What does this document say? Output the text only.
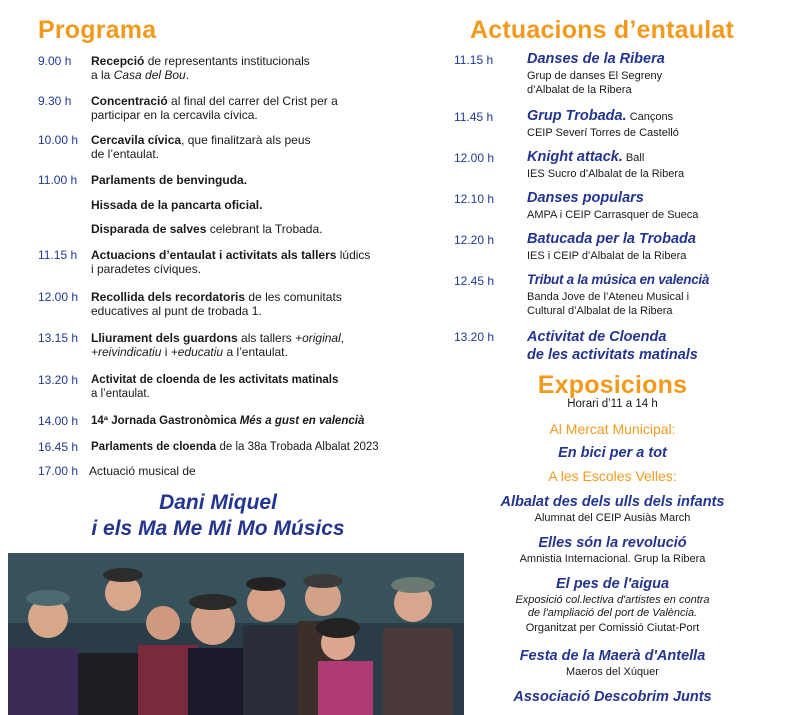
Programa
9.00 h Recepció de representants institucionals
a la Casa del Bou.
9.30 h Concentració al final del carrer del Crist per a
participar en la cercavila cívica.
10.00 h Cercavila cívica, que finalitzarà als peus
de l’entaulat.
11.00 h Parlaments de benvinguda.
Hissada de la pancarta oficial.
Disparada de salves celebrant la Trobada.
11.15 h Actuacions d’entaulat i activitats als tallers lúdics
i paradetes cíviques.
12.00 h Recollida dels recordatoris de les comunitats
educatives al punt de trobada 1.
13.15 h Lliurament dels guardons als tallers +original,
+reivindicatiu i +educatiu a l’entaulat.
13.20 h Activitat de cloenda de les activitats matinals
a l’entaulat.
14.00 h 14ª Jornada Gastronòmica Més a gust en valencià
16.45 h Parlaments de cloenda de la 38a Trobada Albalat 2023
17.00 h Actuació musical de
Dani Miquel
i els Ma Me Mi Mo Músics
Actuacions d’entaulat
11.15 h Danses de la Ribera
Grup de danses El Segreny
d’Albalat de la Ribera
11.45 h Grup Trobada. Cançons
CEIP Severí Torres de Castelló
12.00 h Knight attack. Ball
IES Sucro d’Albalat de la Ribera
12.10 h Danses populars
AMPA i CEIP Carrasquer de Sueca
12.20 h Batucada per la Trobada
IES i CEIP d’Albalat de la Ribera
12.45 h Tribut a la música en valencià
Banda Jove de l’Ateneu Musical i
Cultural d’Albalat de la Ribera
13.20 h Activitat de Cloenda
de les activitats matinals
Exposicions
Horari d’11 a 14 h
Al Mercat Municipal:
En bici per a tot
A les Escoles Velles:
Albalat des dels ulls dels infants
Alumnat del CEIP Ausiàs March
Elles són la revolució
Amnistia Internacional. Grup la Ribera
El pes de l'aigua
Exposició col.lectiva d'artistes en contra
de l'ampliació del port de València.
Organitzat per Comissió Ciutat-Port
Festa de la Maerà d'Antella
Maeros del Xúquer
Associació Descobrim Junts
